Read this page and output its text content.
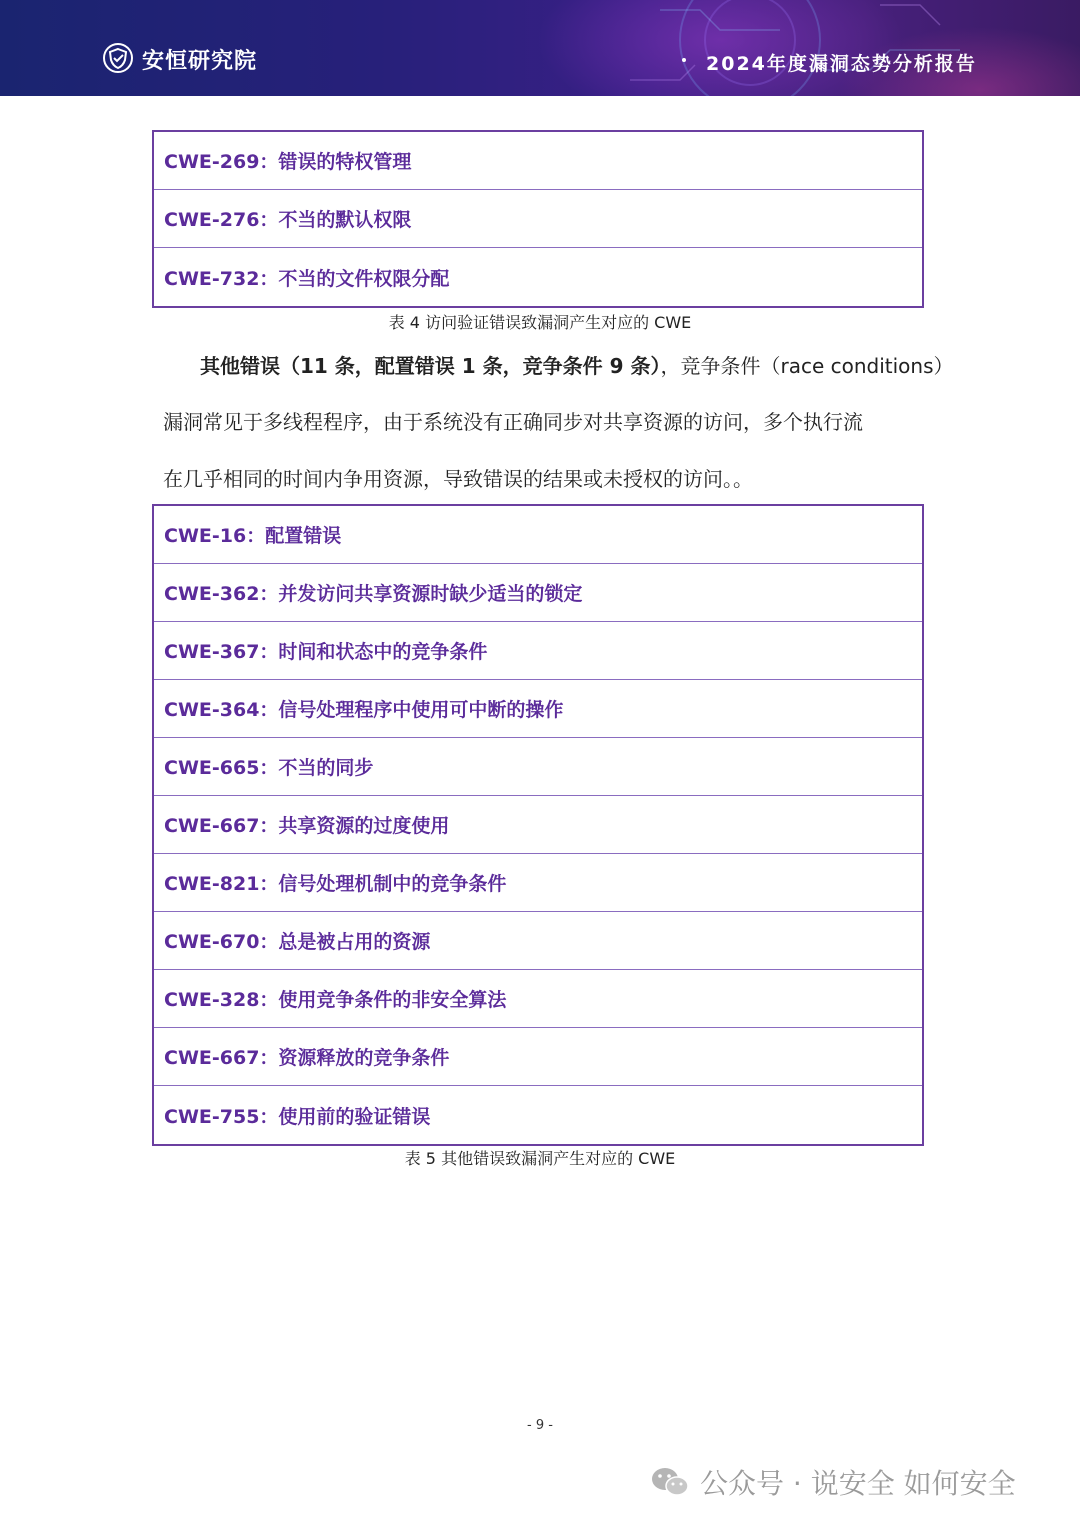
安恒研究院	2024年度漏洞态势分析报告
CWE-269：错误的特权管理
CWE-276：不当的默认权限
CWE-732：不当的文件权限分配
表 4 访问验证错误致漏洞产生对应的 CWE
其他错误（11 条，配置错误 1 条，竞争条件 9 条），竞争条件（race conditions）
漏洞常见于多线程程序，由于系统没有正确同步对共享资源的访问，多个执行流
在几乎相同的时间内争用资源，导致错误的结果或未授权的访问。。
CWE-16：配置错误
CWE-362：并发访问共享资源时缺少适当的锁定
CWE-367：时间和状态中的竞争条件
CWE-364：信号处理程序中使用可中断的操作
CWE-665：不当的同步
CWE-667：共享资源的过度使用
CWE-821：信号处理机制中的竞争条件
CWE-670：总是被占用的资源
CWE-328：使用竞争条件的非安全算法
CWE-667：资源释放的竞争条件
CWE-755：使用前的验证错误
表 5 其他错误致漏洞产生对应的 CWE
- 9 -
公众号 · 说安全 如何安全
